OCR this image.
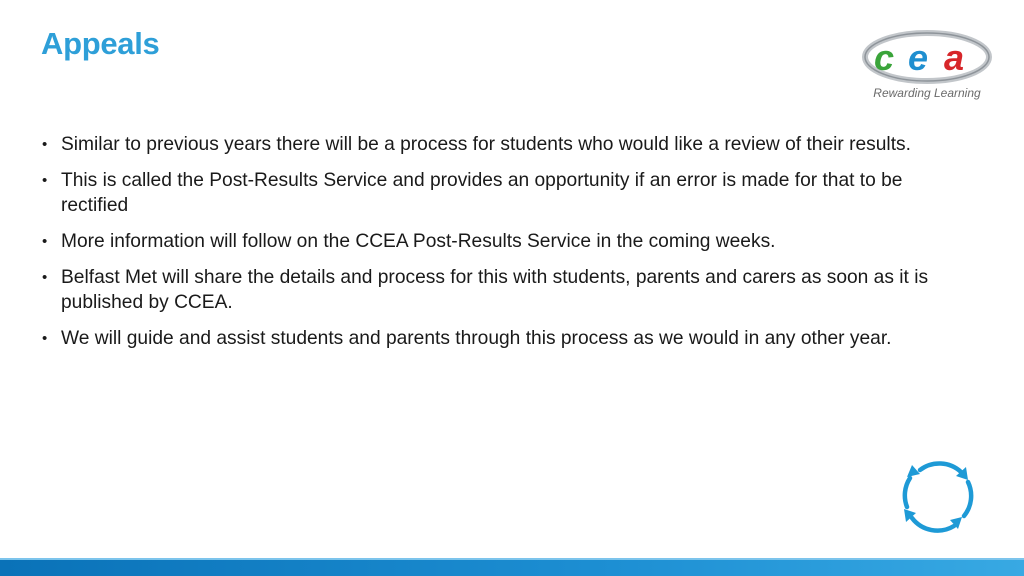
Appeals	c e a
Rewarding Learning
• Similar to previous years there will be a process for students who would like a review of their results.
• This is called the Post-Results Service and provides an opportunity if an error is made for that to be rectified
• More information will follow on the CCEA Post-Results Service in the coming weeks.
• Belfast Met will share the details and process for this with students, parents and carers as soon as it is published by CCEA.
• We will guide and assist students and parents through this process as we would in any other year.
